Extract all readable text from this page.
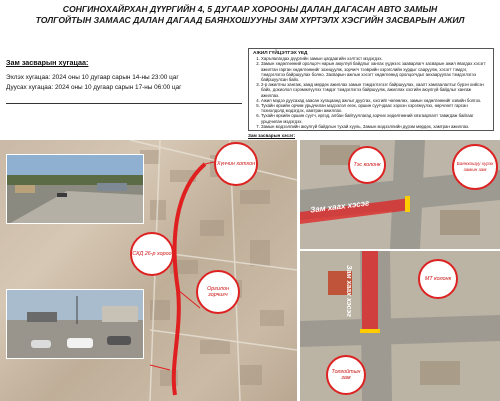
СОНГИНОХАЙРХАН ДҮҮРГИЙН 4, 5 ДУГААР ХОРООНЫ ДАЛАН ДАГАСАН АВТО ЗАМЫН
ТОЛГОЙТЫН ЗАМААС ДАЛАН ДАГААД БАЯНХОШУУНЫ ЗАМ ХҮРТЭЛХ ХЭСГИЙН ЗАСВАРЫН АЖИЛ
Зам засварын хугацаа:
Эхлэх хугацаа: 2024 оны 10 дугаар сарын 14-ны 23:00 цаг
Дуусах хугацаа: 2024 оны 10 дугаар сарын 17-ны 06:00 цаг
АЖИЛ ГҮЙЦЭТГЭХ ҮЕД
1. Харъяалагдах дүүргийн замын цагдаагийн хэлтэст мэдэгдэх.
2. Замын хөдөлгөөний оролцогч нарын аюулгүй байдлыг хангах үүднээс зааварлагч засварын ажил явагдах хэсэгт ажилтан гарган хөдөлгөөнийг зохицуулж, зорчигч тээврийн хэрэгслийн хурдыг сааруулж, хэсэгт тэмдэг, тэмдэглэгээ байршуулах болно. Засварын ажлын хэсэгт хөдөлгөөнд оролцогчдыг анхааруулах тэмдэглэгээ байршуулсан байх.
3. 2-р ажилтны хангаж, замд мөрдөх ажиллах замын тэмдэглэгээг байршуулах, хаалт хамгаалалтыг бүрэн хийсэн байх, дохиолол сэрэмжлүүлэх тэмдэг тэмдэглэгээ байршуулж, ажиллах хэсгийн аюулгүй байдлыг хангаж ажиллах.
4. Ажил мэдээ дуусахад заасан хугацаанд ажлыг дуусгах, хэсгийг чөлөөлөх, замын хөдөлгөөнийг хэвийн болгох.
5. Тухайн өрхийн орчим урьдчилан мэдээлэл өгөх, оршин суугчдаас хэрхэн хэрэгжүүлэх, өөрчлөлт гарсан тохиолдолд мэдэгдэх, хамтран ажиллах.
6. Тухайн өрхийн оршин суугч, иргэд, албан байгууллагад зорчих хөдөлгөөний хязгаарлалт тавигдаж байгааг урьдчилан мэдэгдэх.
7. Замын мэдээллийн аюулгүй байдлын тухай хууль, Замын мэдээллийн дүрэм мөрдөх, хамтран ажиллах.
Зам засварын хэсэг:
Хүнчин хотхон
СКД 26-р хороо
Оргилон зорчигч
Тэс колонк	Баянхошуу хүрэх замын зам
Зам хаах хэсэг
Зам хаах хэсэг	МТ колонк
Толгойтын зам
